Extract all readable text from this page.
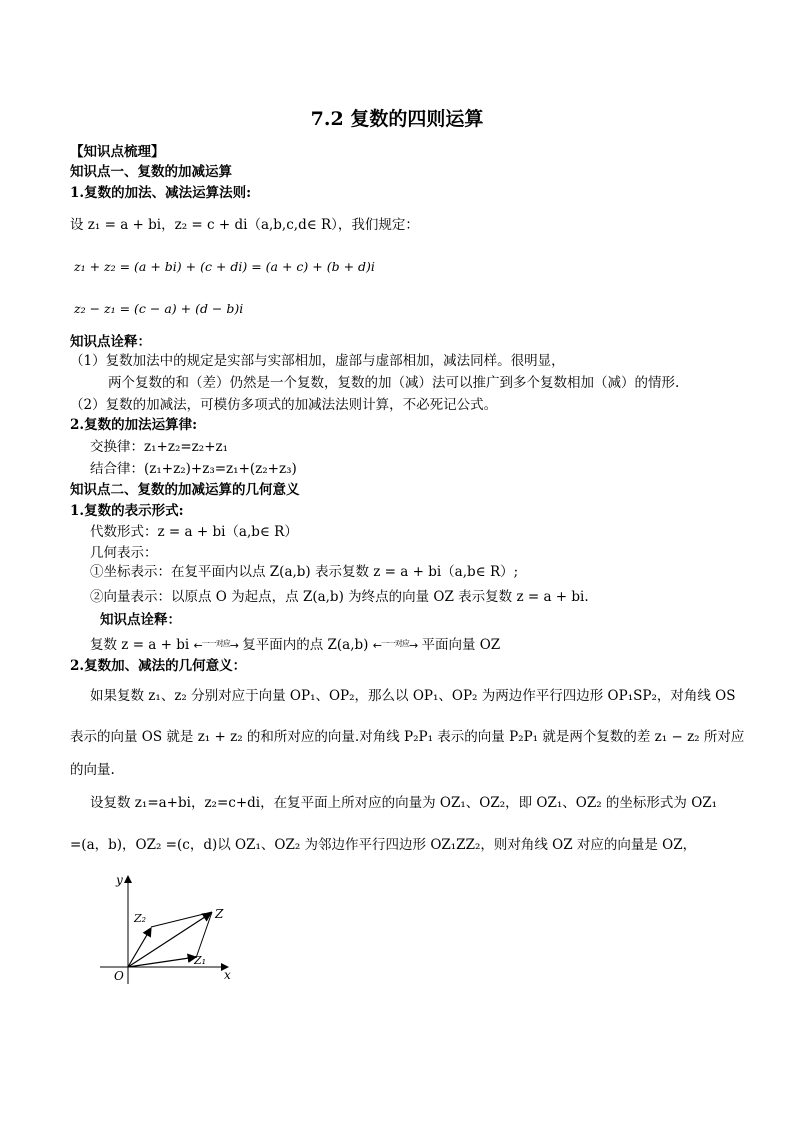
7.2 复数的四则运算
【知识点梳理】
知识点一、复数的加减运算
1.复数的加法、减法运算法则:
设 z₁ = a + bi，z₂ = c + di（a,b,c,d∈ R），我们规定：
z₁ + z₂ = (a + bi) + (c + di) = (a + c) + (b + d)i
z₂ − z₁ = (c − a) + (d − b)i
知识点诠释：
（1）复数加法中的规定是实部与实部相加，虚部与虚部相加，减法同样。很明显，
两个复数的和（差）仍然是一个复数，复数的加（减）法可以推广到多个复数相加（减）的情形.
（2）复数的加减法，可模仿多项式的加减法法则计算，不必死记公式。
2.复数的加法运算律:
交换律：z₁+z₂=z₂+z₁
结合律：(z₁+z₂)+z₃=z₁+(z₂+z₃)
知识点二、复数的加减运算的几何意义
1.复数的表示形式:
代数形式：z = a + bi（a,b∈ R）
几何表示：
①坐标表示：在复平面内以点 Z(a,b) 表示复数 z = a + bi（a,b∈ R）;
②向量表示：以原点 O 为起点，点 Z(a,b) 为终点的向量 OZ 表示复数 z = a + bi.
知识点诠释：
复数 z = a + bi ←$^{一一对应}$→ 复平面内的点 Z(a,b) ←$^{一一对应}$→ 平面向量 OZ
2.复数加、减法的几何意义：
如果复数 z₁、z₂ 分别对应于向量 OP₁、OP₂，那么以 OP₁、OP₂ 为两边作平行四边形 OP₁SP₂，对角线 OS
表示的向量 OS 就是 z₁ + z₂ 的和所对应的向量.对角线 P₂P₁ 表示的向量 P₂P₁ 就是两个复数的差 z₁ − z₂ 所对应
的向量.
设复数 z₁=a+bi，z₂=c+di，在复平面上所对应的向量为 OZ₁、OZ₂，即 OZ₁、OZ₂ 的坐标形式为 OZ₁
=(a，b)，OZ₂ =(c，d)以 OZ₁、OZ₂ 为邻边作平行四边形 OZ₁ZZ₂，则对角线 OZ 对应的向量是 OZ，
y
x
O
Z
Z₁
Z₂
